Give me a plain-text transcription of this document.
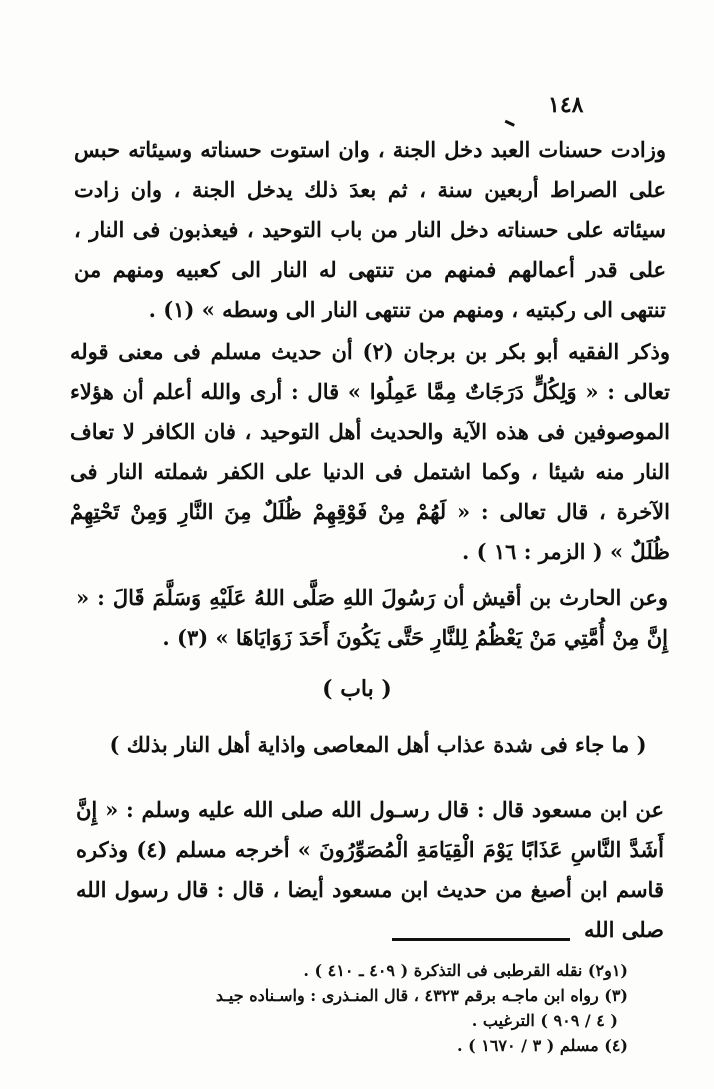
١٤٨

وزادت حسنات العبد دخل الجنة ، وان استوت حسناته وسيئاته حبس على الصراط أربعين سنة ، ثم بعدَ ذلك يدخل الجنة ، وان زادت سيئاته على حسناته دخل النار من باب التوحيد ، فيعذبون فى النار ، على قدر أعمالهم فمنهم من تنتهى له النار الى كعبيه ومنهم من تنتهى الى ركبتيه ، ومنهم من تنتهى النار الى وسطه » (١) .

وذكر الفقيه أبو بكر بن برجان (٢) أن حديث مسلم فى معنى قوله تعالى : « وَلِكُلٍّ دَرَجَاتٌ مِمَّا عَمِلُوا » قال : أرى والله أعلم أن هؤلاء الموصوفين فى هذه الآية والحديث أهل التوحيد ، فان الكافر لا تعاف النار منه شيئا ، وكما اشتمل فى الدنيا على الكفر شملته النار فى الآخرة ، قال تعالى : « لَهُمْ مِنْ فَوْقِهِمْ ظُلَلٌ مِنَ النَّارِ وَمِنْ تَحْتِهِمْ ظُلَلٌ » ( الزمر : ١٦ ) .

وعن الحارث بن أقيش أن رَسُولَ اللهِ صَلَّى اللهُ عَلَيْهِ وَسَلَّمَ قَالَ : « إِنَّ مِنْ أُمَّتِي مَنْ يَعْظُمُ لِلنَّارِ حَتَّى يَكُونَ أَحَدَ زَوَايَاهَا » (٣) .

( باب )
( ما جاء فى شدة عذاب أهل المعاصى واذاية أهل النار بذلك )

عن ابن مسعود قال : قال رسـول الله صلى الله عليه وسلم : « إِنَّ أَشَدَّ النَّاسِ عَذَابًا يَوْمَ الْقِيَامَةِ الْمُصَوِّرُونَ » أخرجه مسلم (٤) وذكره قاسم ابن أصبغ من حديث ابن مسعود أيضا ، قال : قال رسول الله صلى الله

(١و٢) نقله القرطبى فى التذكرة ( ٤٠٩ ـ ٤١٠ ) .
(٣) رواه ابن ماجـه برقم ٤٣٢٣ ، قال المنـذرى : واسـناده جيـد
( ٤ / ٩٠٩ ) الترغيب .
(٤) مسلم ( ٣ / ١٦٧٠ ) .
